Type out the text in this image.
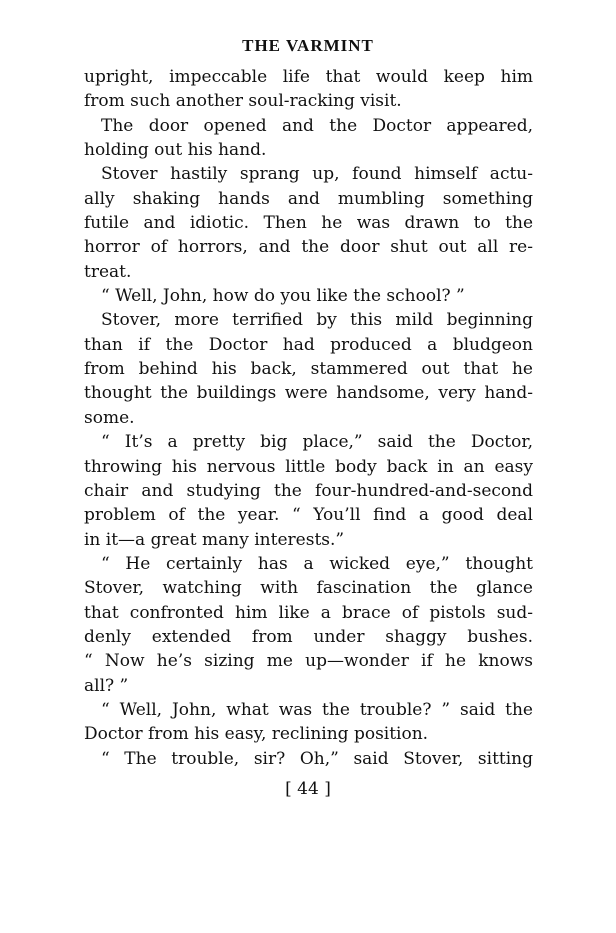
THE VARMINT
upright, impeccable life that would keep him
from such another soul-racking visit.
The door opened and the Doctor appeared,
holding out his hand.
Stover hastily sprang up, found himself actu-
ally shaking hands and mumbling something
futile and idiotic. Then he was drawn to the
horror of horrors, and the door shut out all re-
treat.
“ Well, John, how do you like the school? ”
Stover, more terrified by this mild beginning
than if the Doctor had produced a bludgeon
from behind his back, stammered out that he
thought the buildings were handsome, very hand-
some.
“ It’s a pretty big place,” said the Doctor,
throwing his nervous little body back in an easy
chair and studying the four-hundred-and-second
problem of the year. “ You’ll find a good deal
in it—a great many interests.”
“ He certainly has a wicked eye,” thought
Stover, watching with fascination the glance
that confronted him like a brace of pistols sud-
denly extended from under shaggy bushes.
“ Now he’s sizing me up—wonder if he knows
all? ”
“ Well, John, what was the trouble? ” said the
Doctor from his easy, reclining position.
“ The trouble, sir? Oh,” said Stover, sitting
[ 44 ]
